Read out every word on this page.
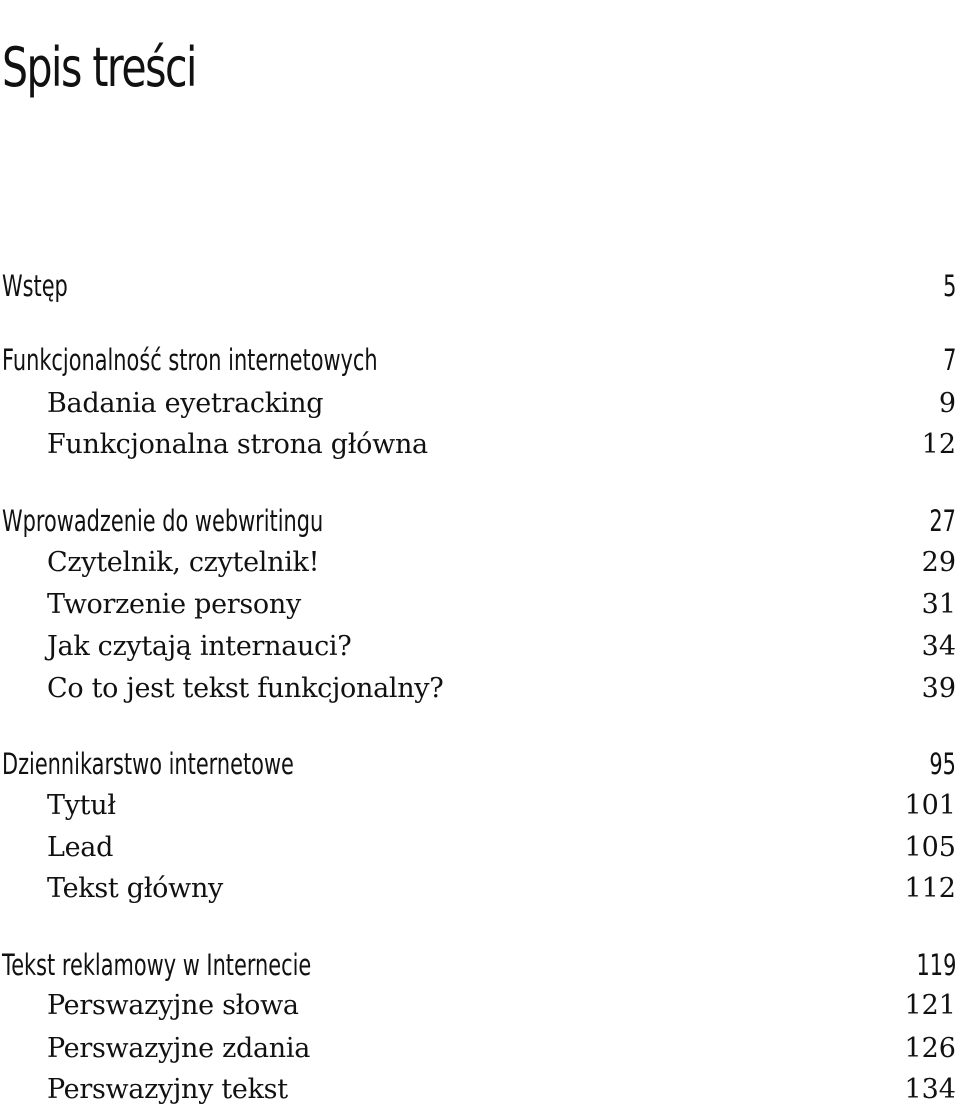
Spis treści
Wstęp	5
Funkcjonalność stron internetowych	7
Badania eyetracking	9
Funkcjonalna strona główna	12
Wprowadzenie do webwritingu	27
Czytelnik, czytelnik!	29
Tworzenie persony	31
Jak czytają internauci?	34
Co to jest tekst funkcjonalny?	39
Dziennikarstwo internetowe	95
Tytuł	101
Lead	105
Tekst główny	112
Tekst reklamowy w Internecie	119
Perswazyjne słowa	121
Perswazyjne zdania	126
Perswazyjny tekst	134
